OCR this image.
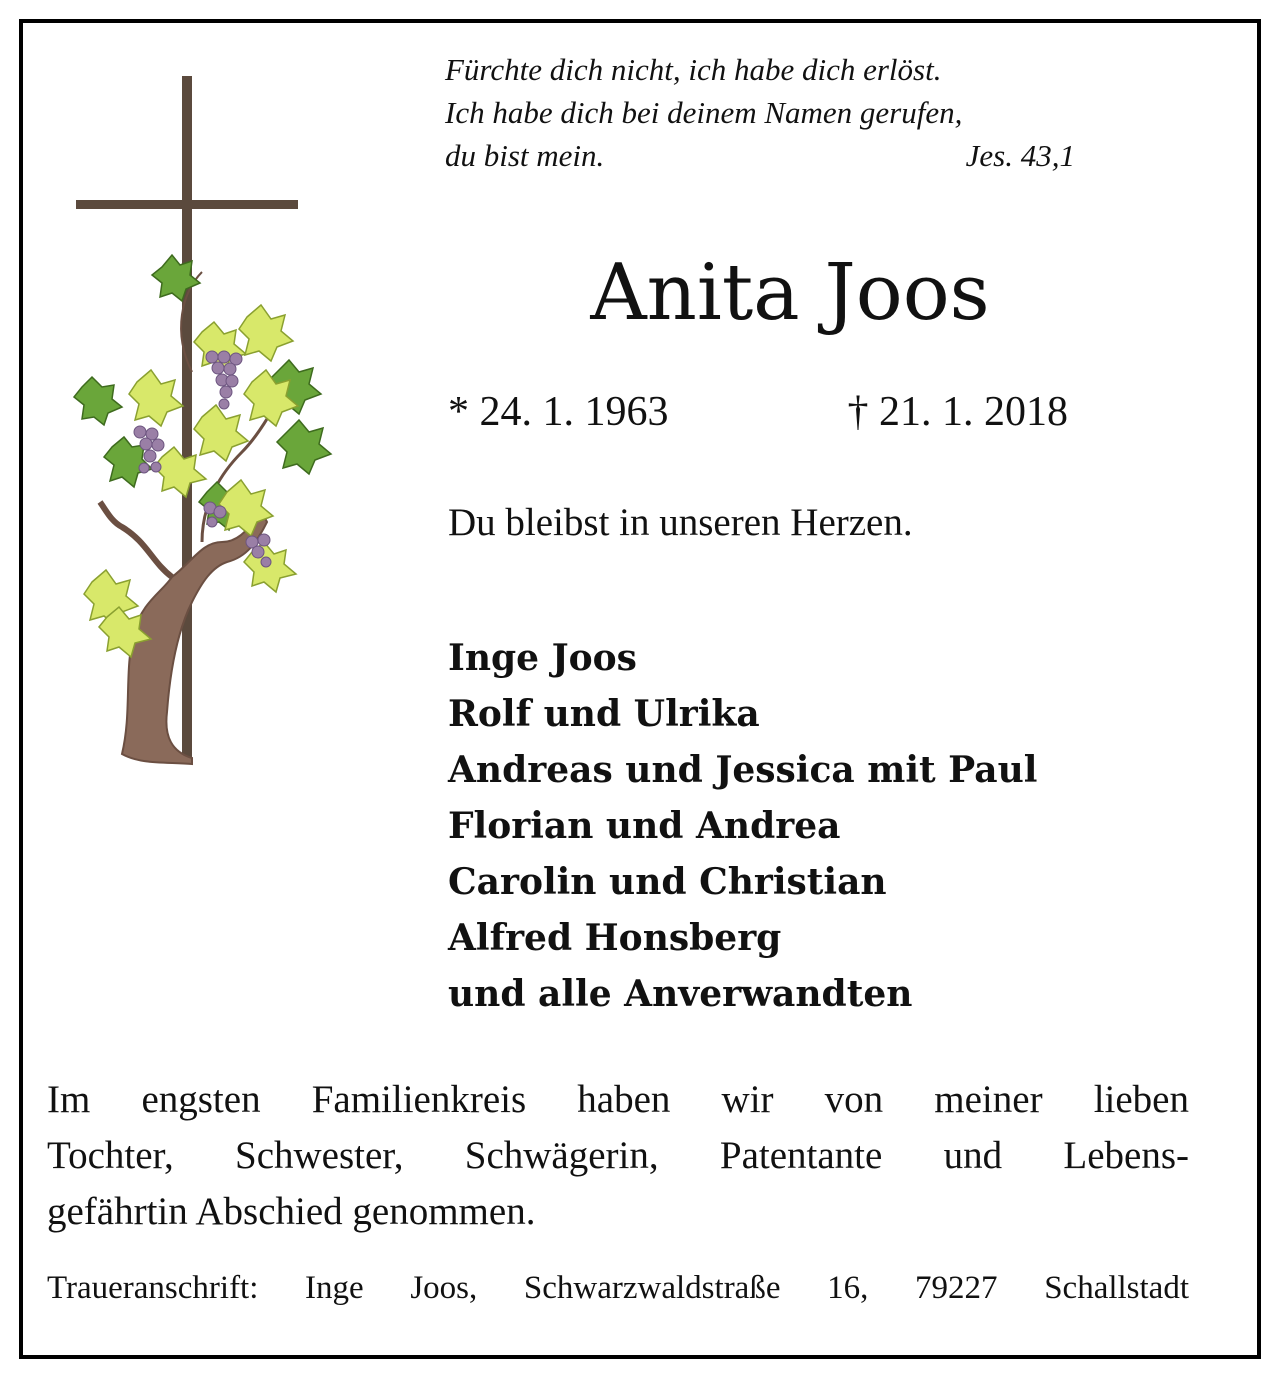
Fürchte dich nicht, ich habe dich erlöst.
Ich habe dich bei deinem Namen gerufen,
du bist mein.	Jes. 43,1
Anita Joos
* 24. 1. 1963	† 21. 1. 2018
Du bleibst in unseren Herzen.
Inge Joos
Rolf und Ulrika
Andreas und Jessica mit Paul
Florian und Andrea
Carolin und Christian
Alfred Honsberg
und alle Anverwandten
Im engsten Familienkreis haben wir von meiner lieben
Tochter, Schwester, Schwägerin, Patentante und Lebens-
gefährtin Abschied genommen.
Traueranschrift: Inge Joos, Schwarzwaldstraße 16, 79227 Schallstadt
